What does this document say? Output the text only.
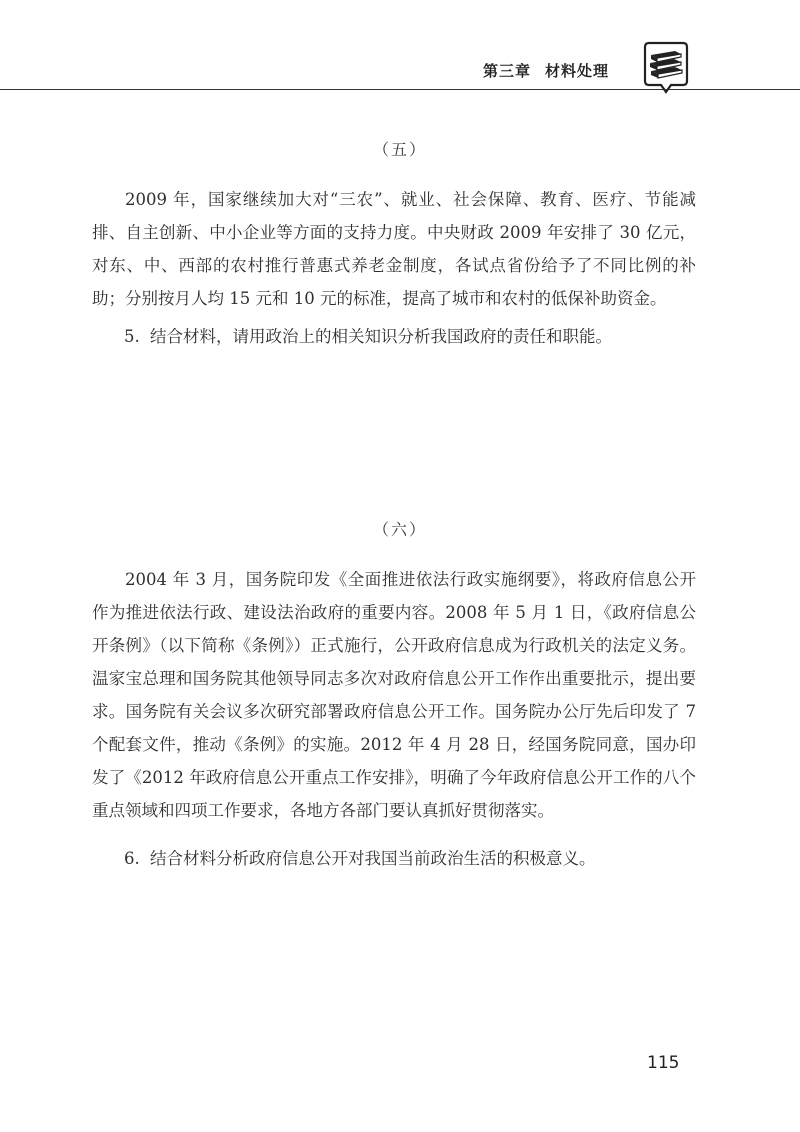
第三章 材料处理
（五）

2009 年，国家继续加大对“三农”、就业、社会保障、教育、医疗、节能减排、自主创新、中小企业等方面的支持力度。中央财政 2009 年安排了 30 亿元，对东、中、西部的农村推行普惠式养老金制度，各试点省份给予了不同比例的补助；分别按月人均 15 元和 10 元的标准，提高了城市和农村的低保补助资金。

5. 结合材料，请用政治上的相关知识分析我国政府的责任和职能。

（六）

2004 年 3 月，国务院印发《全面推进依法行政实施纲要》，将政府信息公开作为推进依法行政、建设法治政府的重要内容。2008 年 5 月 1 日，《政府信息公开条例》（以下简称《条例》）正式施行，公开政府信息成为行政机关的法定义务。温家宝总理和国务院其他领导同志多次对政府信息公开工作作出重要批示，提出要求。国务院有关会议多次研究部署政府信息公开工作。国务院办公厅先后印发了 7 个配套文件，推动《条例》的实施。2012 年 4 月 28 日，经国务院同意，国办印发了《2012 年政府信息公开重点工作安排》，明确了今年政府信息公开工作的八个重点领域和四项工作要求，各地方各部门要认真抓好贯彻落实。

6. 结合材料分析政府信息公开对我国当前政治生活的积极意义。

115
